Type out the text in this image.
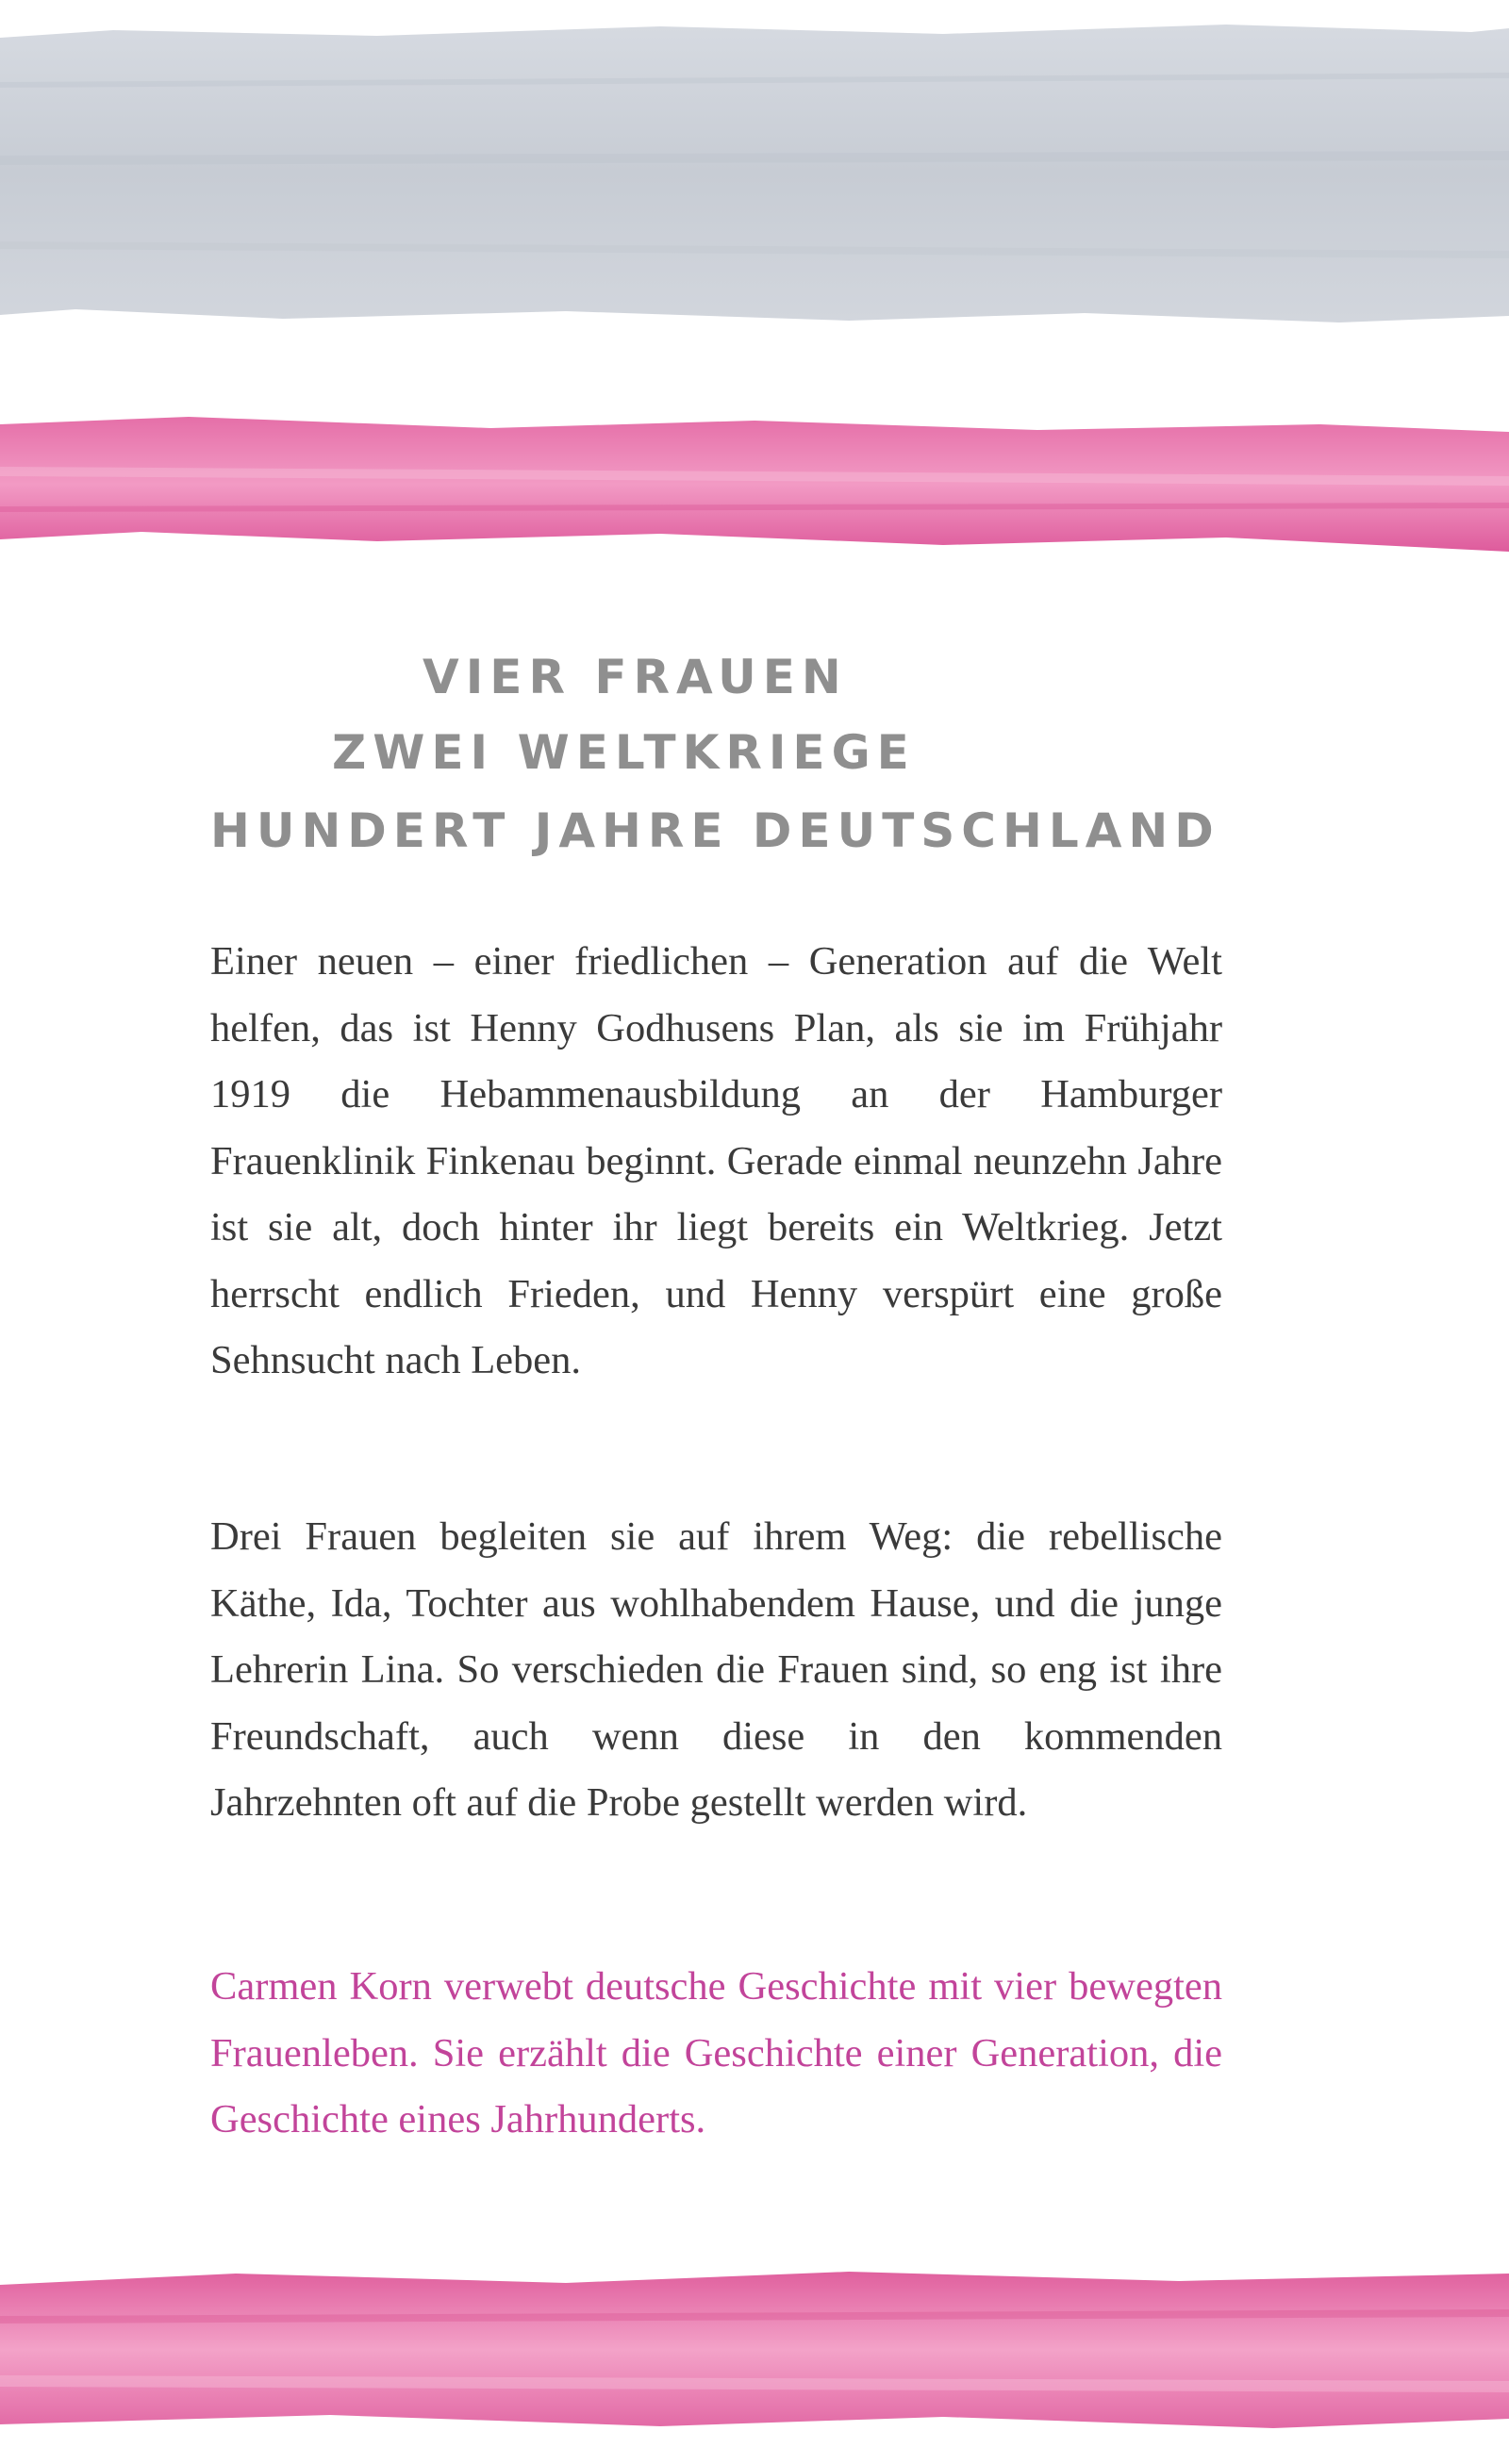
VIER FRAUEN
ZWEI WELTKRIEGE
HUNDERT JAHRE DEUTSCHLAND

Einer neuen – einer friedlichen – Generation auf die Welt helfen, das ist Henny Godhusens Plan, als sie im Frühjahr 1919 die Hebammenausbildung an der Hamburger Frauenklinik Finkenau beginnt. Gerade einmal neunzehn Jahre ist sie alt, doch hinter ihr liegt bereits ein Weltkrieg. Jetzt herrscht endlich Frieden, und Henny verspürt eine große Sehnsucht nach Leben.

Drei Frauen begleiten sie auf ihrem Weg: die rebellische Käthe, Ida, Tochter aus wohlhabendem Hause, und die junge Lehrerin Lina. So verschieden die Frauen sind, so eng ist ihre Freundschaft, auch wenn diese in den kommenden Jahrzehnten oft auf die Probe gestellt werden wird.

Carmen Korn verwebt deutsche Geschichte mit vier bewegten Frauenleben. Sie erzählt die Geschichte einer Generation, die Geschichte eines Jahrhunderts.
